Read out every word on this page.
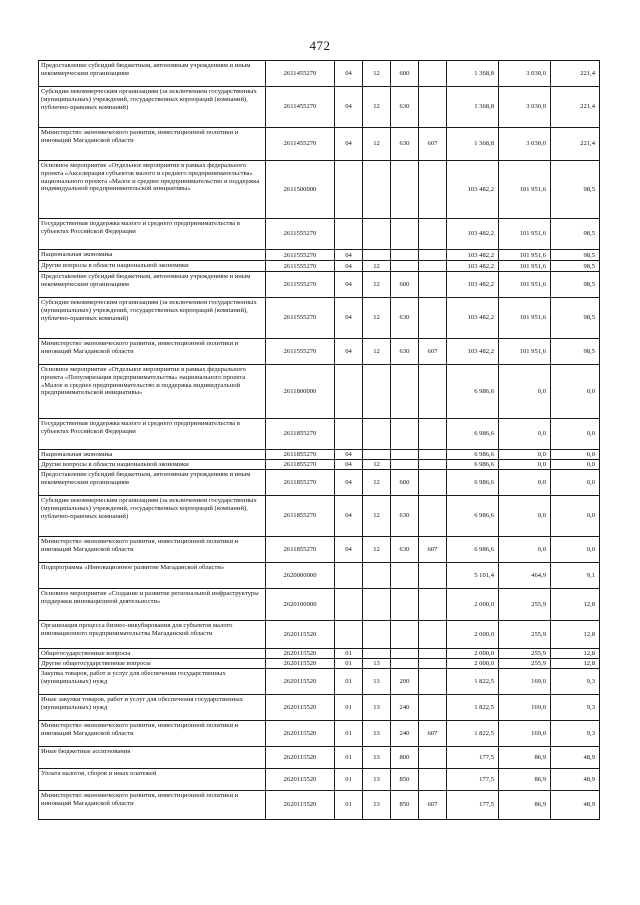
472
Предоставление субсидий бюджетным, автономным учреждениям и иным некоммерческим организациям	2611455270	04	12	600		1 368,8	3 030,0	221,4
Субсидии некоммерческим организациям (за исключением государственных (муниципальных) учреждений, государственных корпораций (компаний), публично-правовых компаний)	2611455270	04	12	630		1 368,8	3 030,0	221,4
Министерство экономического развития, инвестиционной политики и инноваций Магаданской области	2611455270	04	12	630	607	1 368,8	3 030,0	221,4
Основное мероприятие «Отдельное мероприятие в рамках федерального проекта «Акселерация субъектов малого и среднего предпринимательства» национального проекта «Малое и среднее предпринимательство и поддержка индивидуальной предпринимательской инициативы»	2611500000					103 482,2	101 951,6	98,5
Государственная поддержка малого и среднего предпринимательства в субъектах Российской Федерации	2611555270					103 482,2	101 951,6	98,5
Национальная экономика	2611555270	04				103 482,2	101 951,6	98,5
Другие вопросы в области национальной экономики	2611555270	04	12			103 482,2	101 951,6	98,5
Предоставление субсидий бюджетным, автономным учреждениям и иным некоммерческим организациям	2611555270	04	12	600		103 482,2	101 951,6	98,5
Субсидии некоммерческим организациям (за исключением государственных (муниципальных) учреждений, государственных корпораций (компаний), публично-правовых компаний)	2611555270	04	12	630		103 482,2	101 951,6	98,5
Министерство экономического развития, инвестиционной политики и инноваций Магаданской области	2611555270	04	12	630	607	103 482,2	101 951,6	98,5
Основное мероприятие «Отдельное мероприятие в рамках федерального проекта «Популяризация предпринимательства» национального проекта «Малое и среднее предпринимательство и поддержка индивидуальной предпринимательской инициативы»	2611800000					6 986,6	0,0	0,0
Государственная поддержка малого и среднего предпринимательства в субъектах Российской Федерации	2611855270					6 986,6	0,0	0,0
Национальная экономика	2611855270	04				6 986,6	0,0	0,0
Другие вопросы в области национальной экономики	2611855270	04	12			6 986,6	0,0	0,0
Предоставление субсидий бюджетным, автономным учреждениям и иным некоммерческим организациям	2611855270	04	12	600		6 986,6	0,0	0,0
Субсидии некоммерческим организациям (за исключением государственных (муниципальных) учреждений, государственных корпораций (компаний), публично-правовых компаний)	2611855270	04	12	630		6 986,6	0,0	0,0
Министерство экономического развития, инвестиционной политики и инноваций Магаданской области	2611855270	04	12	630	607	6 986,6	0,0	0,0
Подпрограмма «Инновационное развитие Магаданской области»	2620000000					5 101,4	464,9	9,1
Основное мероприятие «Создание и развитие региональной инфраструктуры поддержки инновационной деятельности»	2620100000					2 000,0	255,9	12,8
Организация процесса бизнес-инкубирования для субъектов малого инновационного предпринимательства Магаданской области	2620115520					2 000,0	255,9	12,8
Общегосударственные вопросы	2620115520	01				2 000,0	255,9	12,8
Другие общегосударственные вопросы	2620115520	01	13			2 000,0	255,9	12,8
Закупка товаров, работ и услуг для обеспечения государственных (муниципальных) нужд	2620115520	01	13	200		1 822,5	169,0	9,3
Иные закупки товаров, работ и услуг для обеспечения государственных (муниципальных) нужд	2620115520	01	13	240		1 822,5	169,0	9,3
Министерство экономического развития, инвестиционной политики и инноваций Магаданской области	2620115520	01	13	240	607	1 822,5	169,0	9,3
Иные бюджетные ассигнования	2620115520	01	13	800		177,5	86,9	48,9
Уплата налогов, сборов и иных платежей	2620115520	01	13	850		177,5	86,9	48,9
Министерство экономического развития, инвестиционной политики и инноваций Магаданской области	2620115520	01	13	850	607	177,5	86,9	48,9
